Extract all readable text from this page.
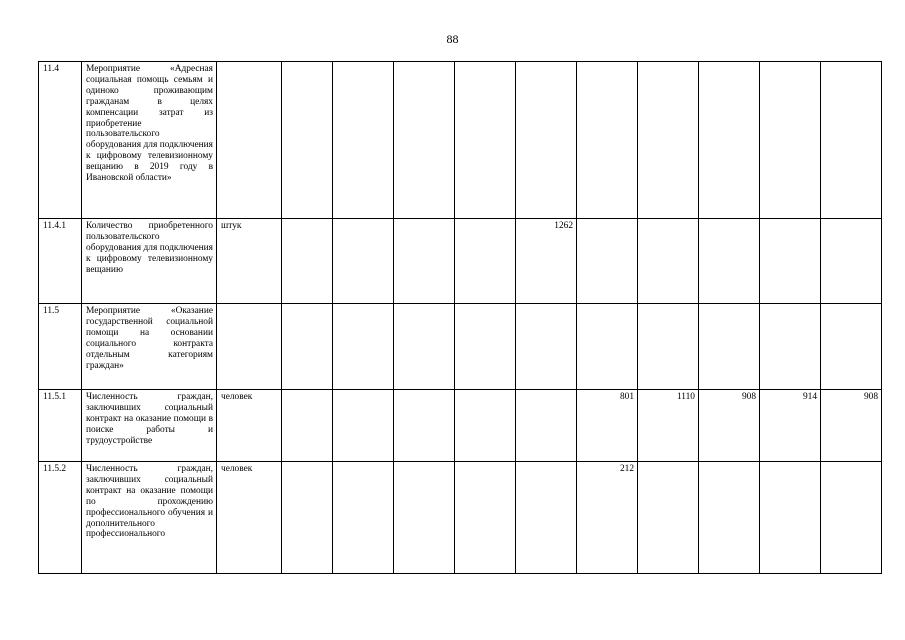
88
11.4	Мероприятие «Адресная социальная помощь семьям и одиноко проживающим гражданам в целях компенсации затрат из приобретение пользовательского оборудования для подключения к цифровому телевизионному вещанию в 2019 году в Ивановской области»											
11.4.1	Количество приобретенного пользовательского оборудования для подключения к цифровому телевизионному вещанию	штук					1262					
11.5	Мероприятие «Оказание государственной социальной помощи на основании социального контракта отдельным категориям граждан»											
11.5.1	Численность граждан, заключивших социальный контракт на оказание помощи в поиске работы и трудоустройстве	человек						801	1110	908	914	908
11.5.2	Численность граждан, заключивших социальный контракт на оказание помощи по прохождению профессионального обучения и дополнительного профессионального	человек						212				
